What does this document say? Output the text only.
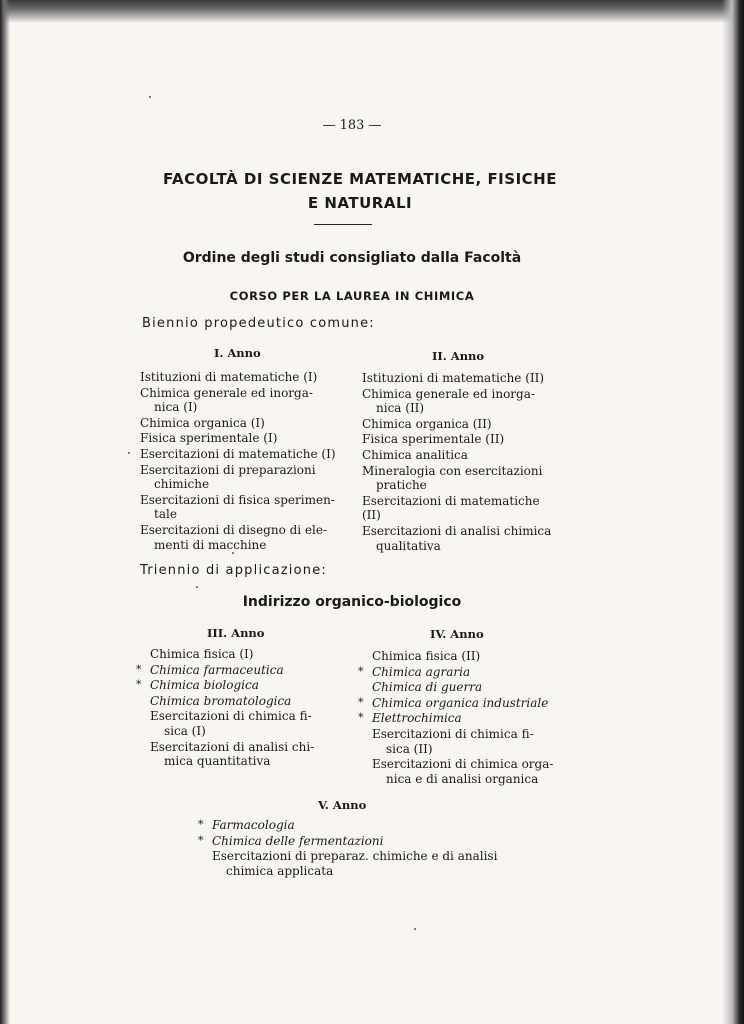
— 183 —
FACOLTÀ DI SCIENZE MATEMATICHE, FISICHE
E NATURALI
Ordine degli studi consigliato dalla Facoltà
CORSO PER LA LAUREA IN CHIMICA
Biennio propedeutico comune:
I. Anno	II. Anno
Istituzioni di matematiche (I)
Chimica generale ed inorga-
nica (I)
Chimica organica (I)
Fisica sperimentale (I)
Esercitazioni di matematiche (I)
Esercitazioni di preparazioni
chimiche
Esercitazioni di fisica sperimen-
tale
Esercitazioni di disegno di ele-
menti di macchine
Istituzioni di matematiche (II)
Chimica generale ed inorga-
nica (II)
Chimica organica (II)
Fisica sperimentale (II)
Chimica analitica
Mineralogia con esercitazioni
pratiche
Esercitazioni di matematiche (II)
Esercitazioni di analisi chimica
qualitativa
Triennio di applicazione:
Indirizzo organico-biologico
III. Anno	IV. Anno
Chimica fisica (I)
* Chimica farmaceutica
* Chimica biologica
Chimica bromatologica
Esercitazioni di chimica fi-
sica (I)
Esercitazioni di analisi chi-
mica quantitativa
Chimica fisica (II)
* Chimica agraria
Chimica di guerra
* Chimica organica industriale
* Elettrochimica
Esercitazioni di chimica fi-
sica (II)
Esercitazioni di chimica orga-
nica e di analisi organica
V. Anno
* Farmacologia
* Chimica delle fermentazioni
Esercitazioni di preparaz. chimiche e di analisi
chimica applicata
